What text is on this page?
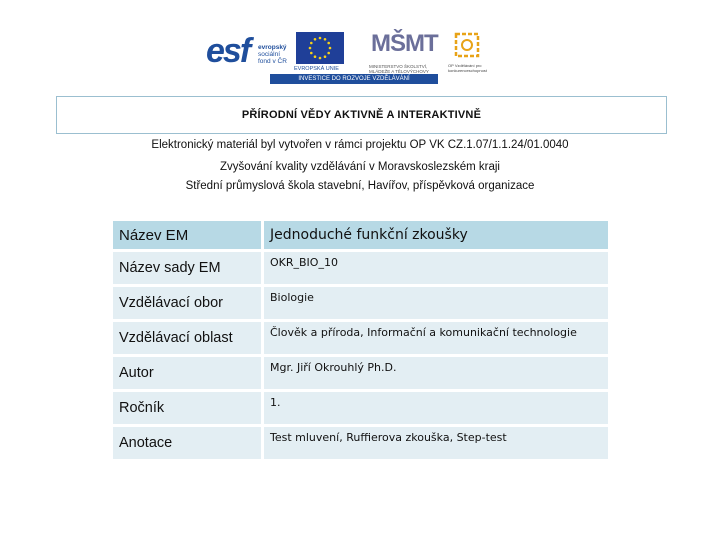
esf evropský
sociální
fond v ČR
EVROPSKÁ UNIE
MŠMT
MINISTERSTVO ŠKOLSTVÍ, MLÁDEŽE A TĚLOVÝCHOVY
OP Vzdělávání pro konkurenceschopnost
INVESTICE DO ROZVOJE VZDĚLÁVÁNÍ
PŘÍRODNÍ VĚDY AKTIVNĚ A INTERAKTIVNĚ
Elektronický materiál byl vytvořen v rámci projektu OP VK CZ.1.07/1.1.24/01.0040
Zvyšování kvality vzdělávání v Moravskoslezském kraji
Střední průmyslová škola stavební, Havířov, příspěvková organizace
Název EM	Jednoduché funkční zkoušky
Název sady EM	OKR_BIO_10
Vzdělávací obor	Biologie
Vzdělávací oblast	Člověk a příroda, Informační a komunikační technologie
Autor	Mgr. Jiří Okrouhlý Ph.D.
Ročník	1.
Anotace	Test mluvení, Ruffierova zkouška, Step-test
